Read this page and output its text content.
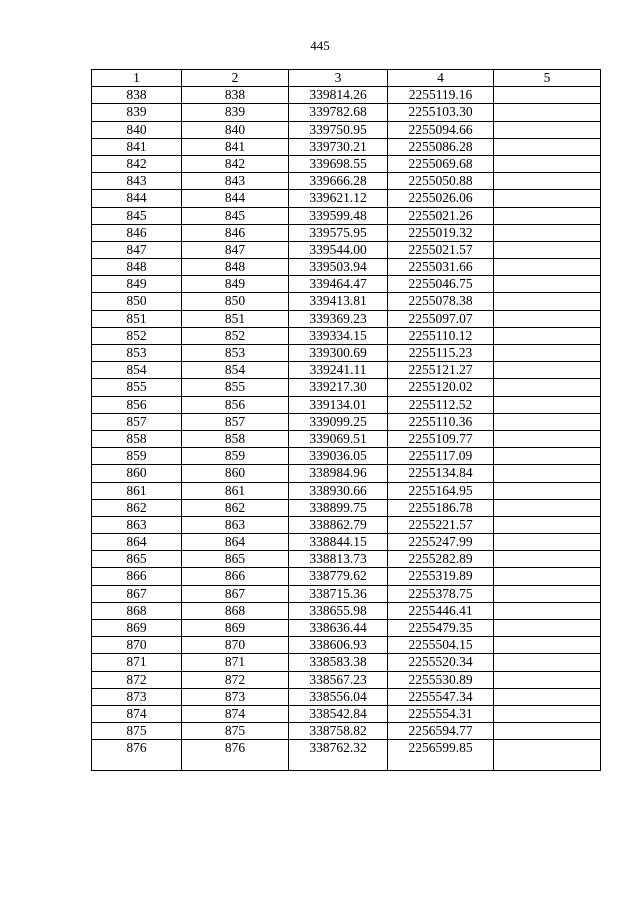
445
1	2	3	4	5
838	838	339814.26	2255119.16	
839	839	339782.68	2255103.30	
840	840	339750.95	2255094.66	
841	841	339730.21	2255086.28	
842	842	339698.55	2255069.68	
843	843	339666.28	2255050.88	
844	844	339621.12	2255026.06	
845	845	339599.48	2255021.26	
846	846	339575.95	2255019.32	
847	847	339544.00	2255021.57	
848	848	339503.94	2255031.66	
849	849	339464.47	2255046.75	
850	850	339413.81	2255078.38	
851	851	339369.23	2255097.07	
852	852	339334.15	2255110.12	
853	853	339300.69	2255115.23	
854	854	339241.11	2255121.27	
855	855	339217.30	2255120.02	
856	856	339134.01	2255112.52	
857	857	339099.25	2255110.36	
858	858	339069.51	2255109.77	
859	859	339036.05	2255117.09	
860	860	338984.96	2255134.84	
861	861	338930.66	2255164.95	
862	862	338899.75	2255186.78	
863	863	338862.79	2255221.57	
864	864	338844.15	2255247.99	
865	865	338813.73	2255282.89	
866	866	338779.62	2255319.89	
867	867	338715.36	2255378.75	
868	868	338655.98	2255446.41	
869	869	338636.44	2255479.35	
870	870	338606.93	2255504.15	
871	871	338583.38	2255520.34	
872	872	338567.23	2255530.89	
873	873	338556.04	2255547.34	
874	874	338542.84	2255554.31	
875	875	338758.82	2256594.77	
876	876	338762.32	2256599.85	
